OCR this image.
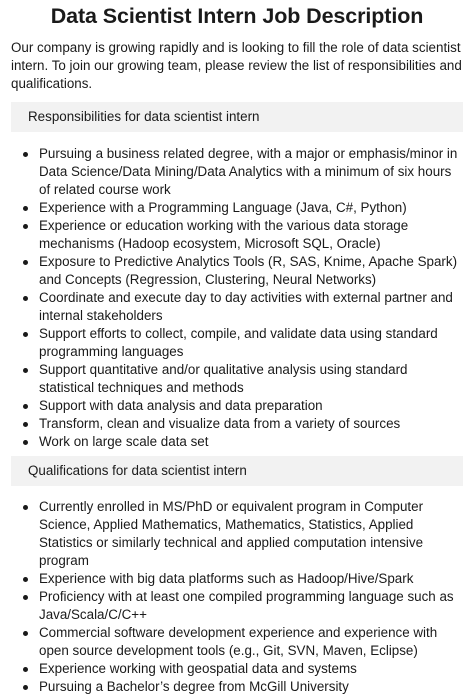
Data Scientist Intern Job Description

Our company is growing rapidly and is looking to fill the role of data scientist intern. To join our growing team, please review the list of responsibilities and qualifications.

Responsibilities for data scientist intern
Pursuing a business related degree, with a major or emphasis/minor in Data Science/Data Mining/Data Analytics with a minimum of six hours of related course work
Experience with a Programming Language (Java, C#, Python)
Experience or education working with the various data storage mechanisms (Hadoop ecosystem, Microsoft SQL, Oracle)
Exposure to Predictive Analytics Tools (R, SAS, Knime, Apache Spark) and Concepts (Regression, Clustering, Neural Networks)
Coordinate and execute day to day activities with external partner and internal stakeholders
Support efforts to collect, compile, and validate data using standard programming languages
Support quantitative and/or qualitative analysis using standard statistical techniques and methods
Support with data analysis and data preparation
Transform, clean and visualize data from a variety of sources
Work on large scale data set
Qualifications for data scientist intern
Currently enrolled in MS/PhD or equivalent program in Computer Science, Applied Mathematics, Mathematics, Statistics, Applied Statistics or similarly technical and applied computation intensive program
Experience with big data platforms such as Hadoop/Hive/Spark
Proficiency with at least one compiled programming language such as Java/Scala/C/C++
Commercial software development experience and experience with open source development tools (e.g., Git, SVN, Maven, Eclipse)
Experience working with geospatial data and systems
Pursuing a Bachelor’s degree from McGill University
